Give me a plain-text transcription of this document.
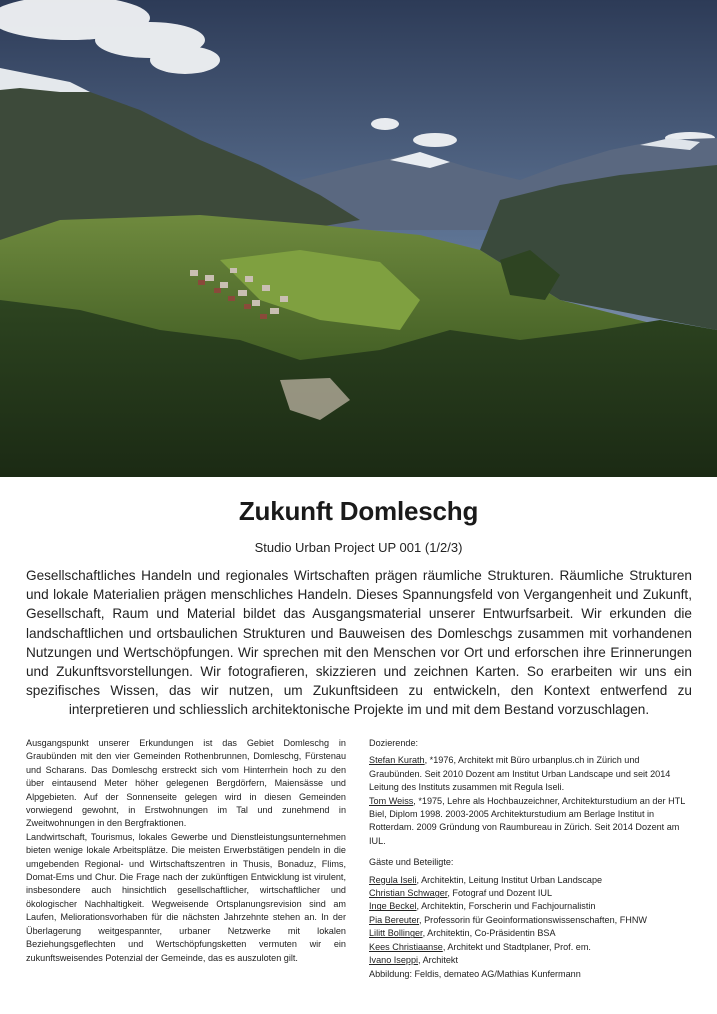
Zukunft Domleschg
Studio Urban Project UP 001 (1/2/3)
Gesellschaftliches Handeln und regionales Wirtschaften prägen räumliche Strukturen. Räumliche Strukturen und lokale Materialien prägen menschliches Handeln. Dieses Spannungsfeld von Vergangenheit und Zukunft, Gesellschaft, Raum und Material bildet das Ausgangsmaterial unserer Entwurfsarbeit. Wir erkunden die landschaftlichen und ortsbaulichen Strukturen und Bauweisen des Domleschgs zusammen mit vorhandenen Nutzungen und Wertschöpfungen. Wir sprechen mit den Menschen vor Ort und erforschen ihre Erinnerungen und Zukunftsvorstellungen. Wir fotografieren, skizzieren und zeichnen Karten. So erarbeiten wir uns ein spezifisches Wissen, das wir nutzen, um Zukunftsideen zu entwickeln, den Kontext entwerfend zu interpretieren und schliesslich architektonische Projekte im und mit dem Bestand vorzuschlagen.

Ausgangspunkt unserer Erkundungen ist das Gebiet Domleschg in Graubünden mit den vier Gemeinden Rothenbrunnen, Domleschg, Fürstenau und Scharans. Das Domleschg erstreckt sich vom Hinterrhein hoch zu den über eintausend Meter höher gelegenen Bergdörfern, Maiensässe und Alpgebieten. Auf der Sonnenseite gelegen wird in diesen Gemeinden vorwiegend gewohnt, in Erstwohnungen im Tal und zunehmend in Zweitwohnungen in den Bergfraktionen.

Landwirtschaft, Tourismus, lokales Gewerbe und Dienstleistungsunternehmen bieten wenige lokale Arbeitsplätze. Die meisten Erwerbstätigen pendeln in die umgebenden Regional- und Wirtschaftszentren in Thusis, Bonaduz, Flims, Domat-Ems und Chur. Die Frage nach der zukünftigen Entwicklung ist virulent, insbesondere auch hinsichtlich gesellschaftlicher, wirtschaftlicher und ökologischer Nachhaltigkeit. Wegweisende Ortsplanungsrevision sind am Laufen, Meliorationsvorhaben für die nächsten Jahrzehnte stehen an. In der Überlagerung weitgespannter, urbaner Netzwerke mit lokalen Beziehungsgeflechten und Wertschöpfungsketten vermuten wir ein zukunftsweisendes Potenzial der Gemeinde, das es auszuloten gilt.

Dozierende:

Stefan Kurath, *1976, Architekt mit Büro urbanplus.ch in Zürich und Graubünden. Seit 2010 Dozent am Institut Urban Landscape und seit 2014 Leitung des Instituts zusammen mit Regula Iseli.

Tom Weiss, *1975, Lehre als Hochbauzeichner, Architekturstudium an der HTL Biel, Diplom 1998. 2003-2005 Architekturstudium am Berlage Institut in Rotterdam. 2009 Gründung von Raumbureau in Zürich. Seit 2014 Dozent am IUL.

Gäste und Beteiligte:

Regula Iseli, Architektin, Leitung Institut Urban Landscape

Christian Schwager, Fotograf und Dozent IUL

Inge Beckel, Architektin, Forscherin und Fachjournalistin

Pia Bereuter, Professorin für Geoinformationswissenschaften, FHNW

Lilitt Bollinger, Architektin, Co-Präsidentin BSA

Kees Christiaanse, Architekt und Stadtplaner, Prof. em.

Ivano Iseppi, Architekt

Abbildung: Feldis, demateo AG/Mathias Kunfermann
